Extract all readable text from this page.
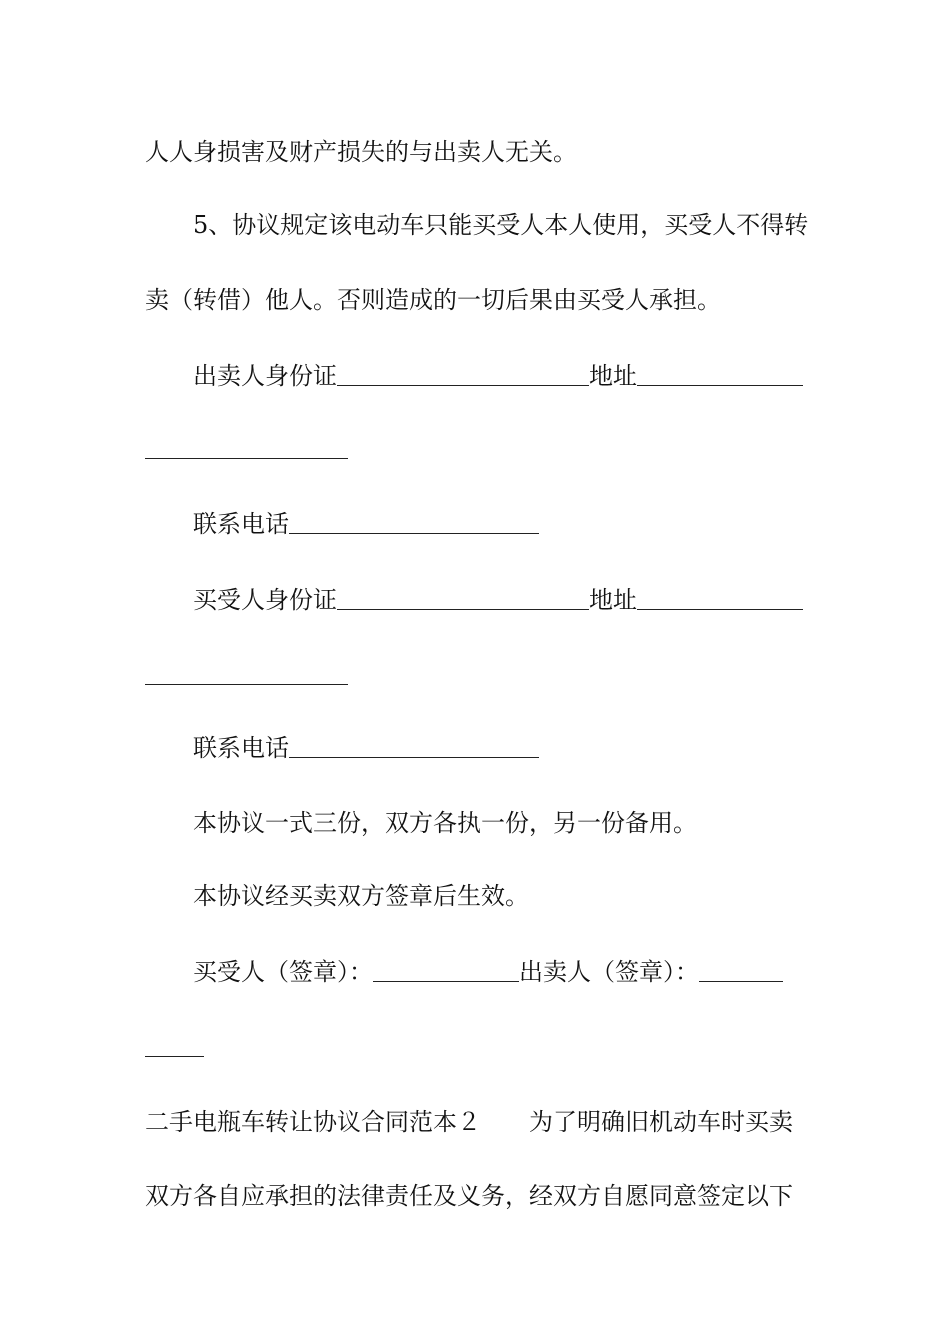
人人身损害及财产损失的与出卖人无关。

5、协议规定该电动车只能买受人本人使用，买受人不得转

卖（转借）他人。否则造成的一切后果由买受人承担。

出卖人身份证	地址
联系电话
买受人身份证	地址
联系电话

本协议一式三份，双方各执一份，另一份备用。

本协议经买卖双方签章后生效。

买受人（签章）：	出卖人（签章）：
二手电瓶车转让协议合同范本２ 为了明确旧机动车时买卖

双方各自应承担的法律责任及义务，经双方自愿同意签定以下
